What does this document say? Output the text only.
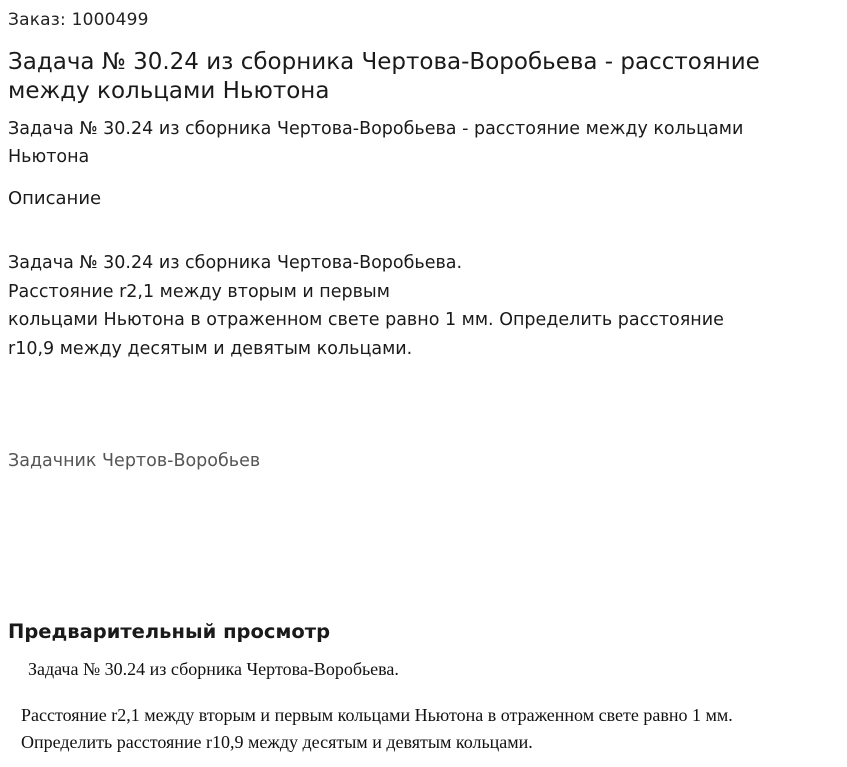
Заказ: 1000499
Задача № 30.24 из сборника Чертова-Воробьева - расстояние между кольцами Ньютона
Задача № 30.24 из сборника Чертова-Воробьева - расстояние между кольцами Ньютона
Описание
Задача № 30.24 из сборника Чертова-Воробьева.
Расстояние r2,1 между вторым и первым
кольцами Ньютона в отраженном свете равно 1 мм. Определить расстояние
r10,9 между десятым и девятым кольцами.
Задачник Чертов-Воробьев
Предварительный просмотр
Задача № 30.24 из сборника Чертова-Воробьева.
Расстояние r2,1 между вторым и первым кольцами Ньютона в отраженном свете равно 1 мм.
Определить расстояние r10,9 между десятым и девятым кольцами.
